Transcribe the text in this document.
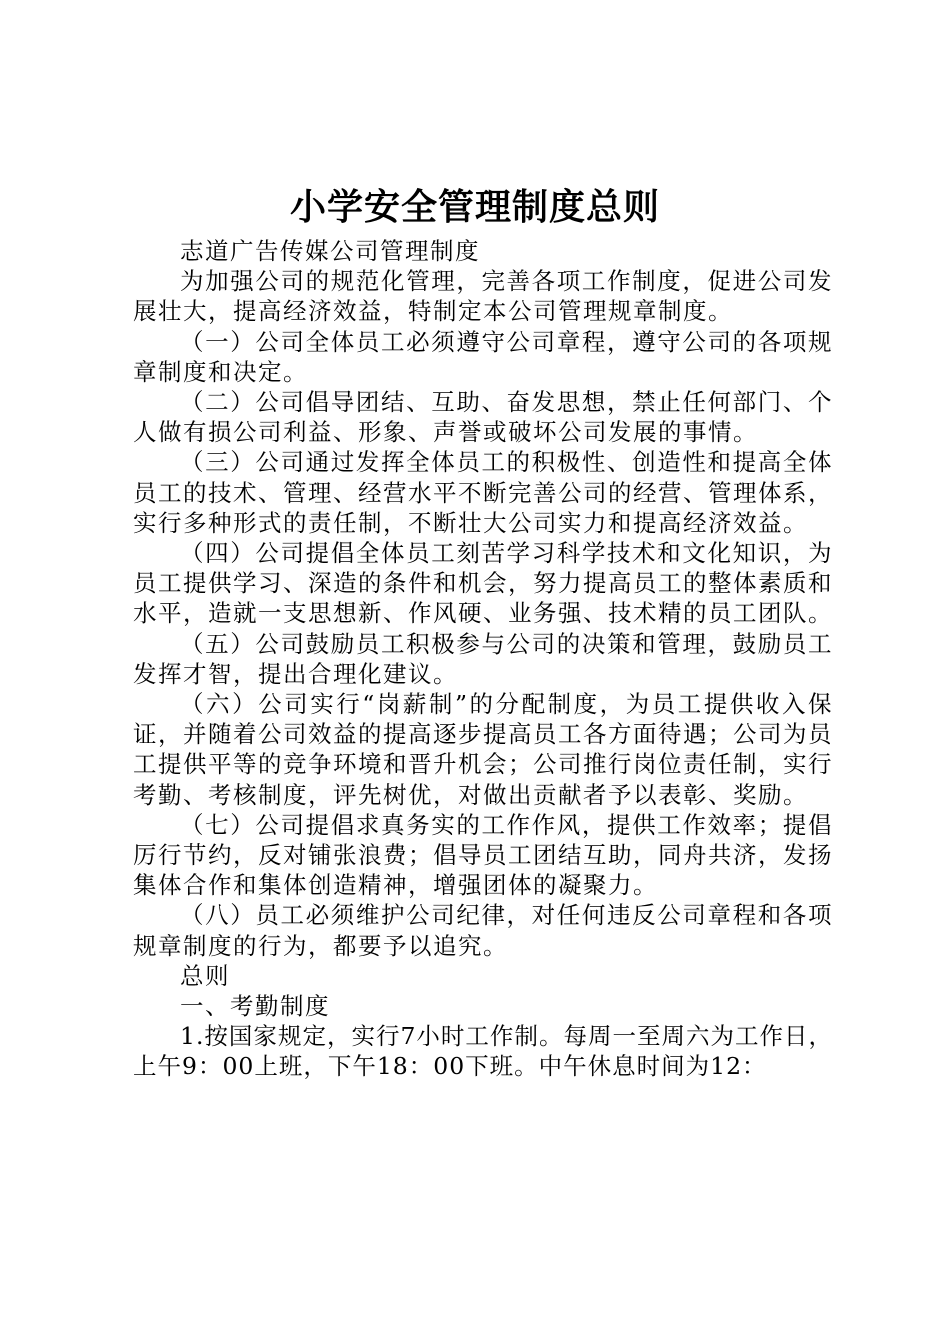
小学安全管理制度总则

志道广告传媒公司管理制度

为加强公司的规范化管理，完善各项工作制度，促进公司发展壮大，提高经济效益，特制定本公司管理规章制度。

（一）公司全体员工必须遵守公司章程，遵守公司的各项规章制度和决定。

（二）公司倡导团结、互助、奋发思想，禁止任何部门、个人做有损公司利益、形象、声誉或破坏公司发展的事情。

（三）公司通过发挥全体员工的积极性、创造性和提高全体员工的技术、管理、经营水平不断完善公司的经营、管理体系，实行多种形式的责任制，不断壮大公司实力和提高经济效益。

（四）公司提倡全体员工刻苦学习科学技术和文化知识，为员工提供学习、深造的条件和机会，努力提高员工的整体素质和水平，造就一支思想新、作风硬、业务强、技术精的员工团队。

（五）公司鼓励员工积极参与公司的决策和管理，鼓励员工发挥才智，提出合理化建议。

（六）公司实行“岗薪制”的分配制度，为员工提供收入保证，并随着公司效益的提高逐步提高员工各方面待遇；公司为员工提供平等的竞争环境和晋升机会；公司推行岗位责任制，实行考勤、考核制度，评先树优，对做出贡献者予以表彰、奖励。

（七）公司提倡求真务实的工作作风，提供工作效率；提倡厉行节约，反对铺张浪费；倡导员工团结互助，同舟共济，发扬集体合作和集体创造精神，增强团体的凝聚力。

（八）员工必须维护公司纪律，对任何违反公司章程和各项规章制度的行为，都要予以追究。

总则

一、考勤制度

1.按国家规定，实行7小时工作制。每周一至周六为工作日，上午9：00上班，下午18：00下班。中午休息时间为12：
